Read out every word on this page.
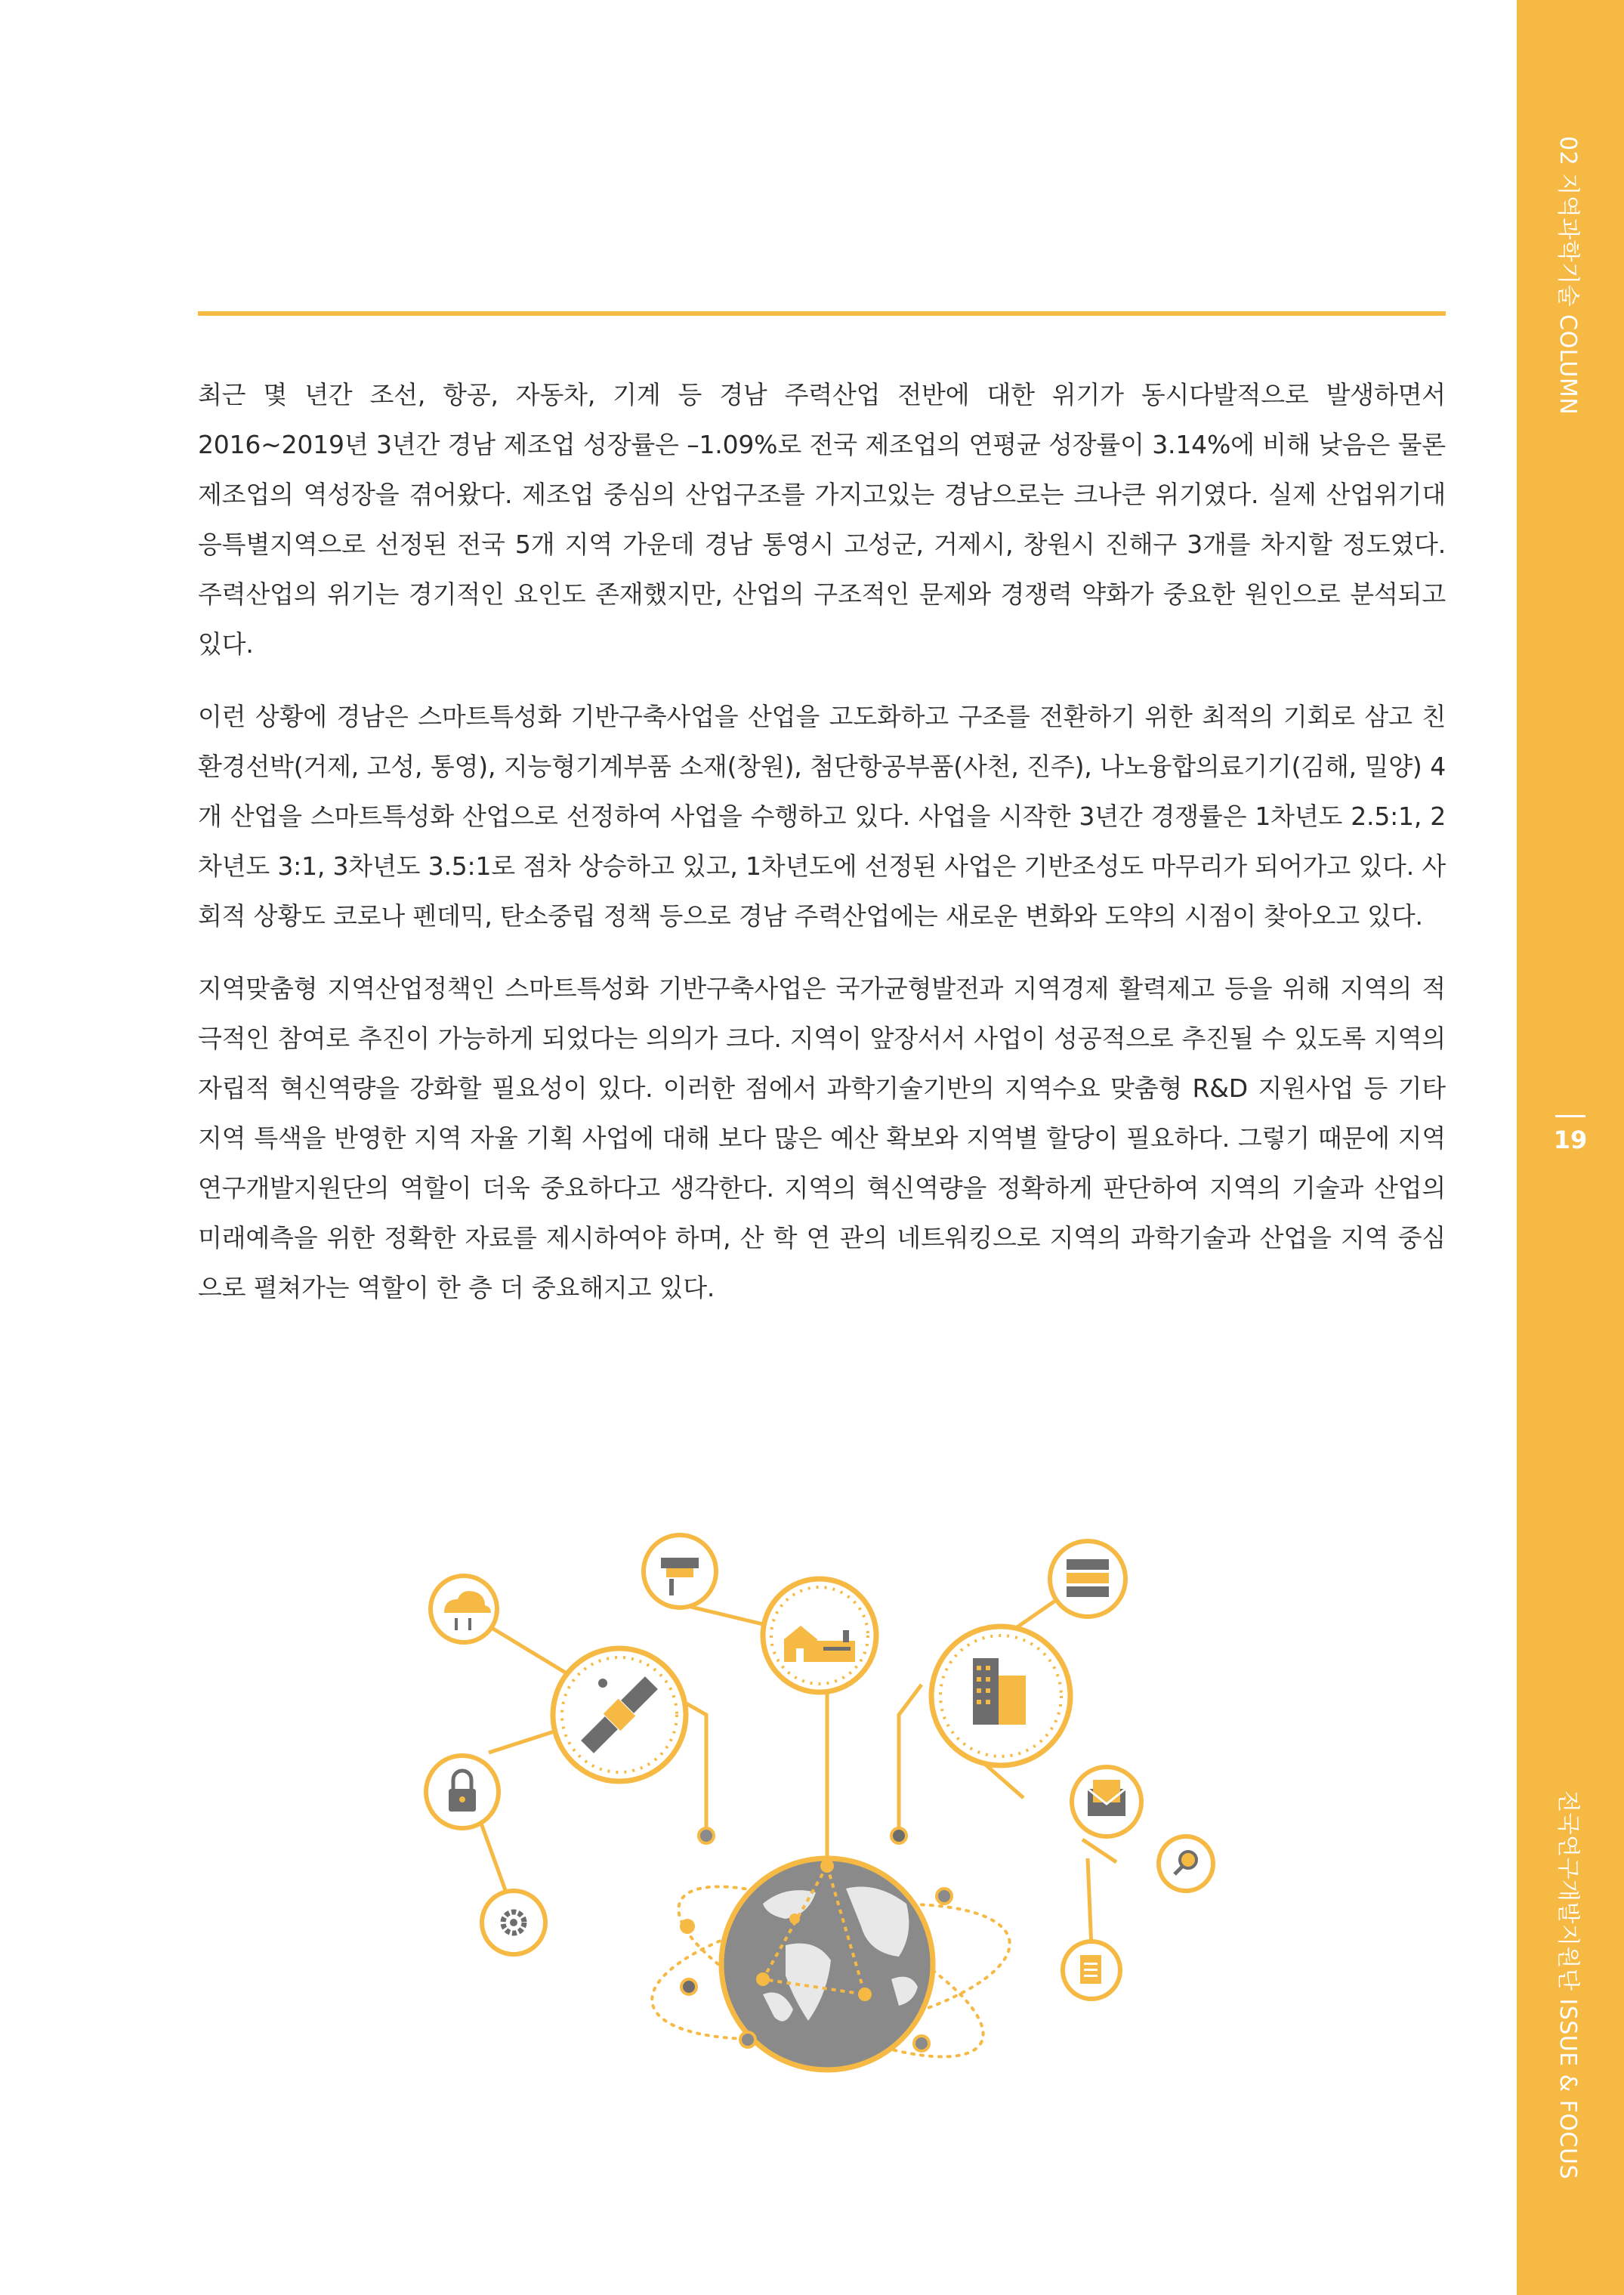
02 지역과학기술 COLUMN
19
전국연구개발지원단 ISSUE & FOCUS

최근 몇 년간 조선, 항공, 자동차, 기계 등 경남 주력산업 전반에 대한 위기가 동시다발적으로 발생하면서 2016~2019년 3년간 경남 제조업 성장률은 –1.09%로 전국 제조업의 연평균 성장률이 3.14%에 비해 낮음은 물론 제조업의 역성장을 겪어왔다. 제조업 중심의 산업구조를 가지고있는 경남으로는 크나큰 위기였다. 실제 산업위기대응특별지역으로 선정된 전국 5개 지역 가운데 경남 통영시 고성군, 거제시, 창원시 진해구 3개를 차지할 정도였다. 주력산업의 위기는 경기적인 요인도 존재했지만, 산업의 구조적인 문제와 경쟁력 약화가 중요한 원인으로 분석되고 있다.

이런 상황에 경남은 스마트특성화 기반구축사업을 산업을 고도화하고 구조를 전환하기 위한 최적의 기회로 삼고 친환경선박(거제, 고성, 통영), 지능형기계부품 소재(창원), 첨단항공부품(사천, 진주), 나노융합의료기기(김해, 밀양) 4개 산업을 스마트특성화 산업으로 선정하여 사업을 수행하고 있다. 사업을 시작한 3년간 경쟁률은 1차년도 2.5:1, 2차년도 3:1, 3차년도 3.5:1로 점차 상승하고 있고, 1차년도에 선정된 사업은 기반조성도 마무리가 되어가고 있다. 사회적 상황도 코로나 펜데믹, 탄소중립 정책 등으로 경남 주력산업에는 새로운 변화와 도약의 시점이 찾아오고 있다.

지역맞춤형 지역산업정책인 스마트특성화 기반구축사업은 국가균형발전과 지역경제 활력제고 등을 위해 지역의 적극적인 참여로 추진이 가능하게 되었다는 의의가 크다. 지역이 앞장서서 사업이 성공적으로 추진될 수 있도록 지역의 자립적 혁신역량을 강화할 필요성이 있다. 이러한 점에서 과학기술기반의 지역수요 맞춤형 R&D 지원사업 등 기타 지역 특색을 반영한 지역 자율 기획 사업에 대해 보다 많은 예산 확보와 지역별 할당이 필요하다. 그렇기 때문에 지역 연구개발지원단의 역할이 더욱 중요하다고 생각한다. 지역의 혁신역량을 정확하게 판단하여 지역의 기술과 산업의 미래예측을 위한 정확한 자료를 제시하여야 하며, 산 학 연 관의 네트워킹으로 지역의 과학기술과 산업을 지역 중심으로 펼쳐가는 역할이 한 층 더 중요해지고 있다.
